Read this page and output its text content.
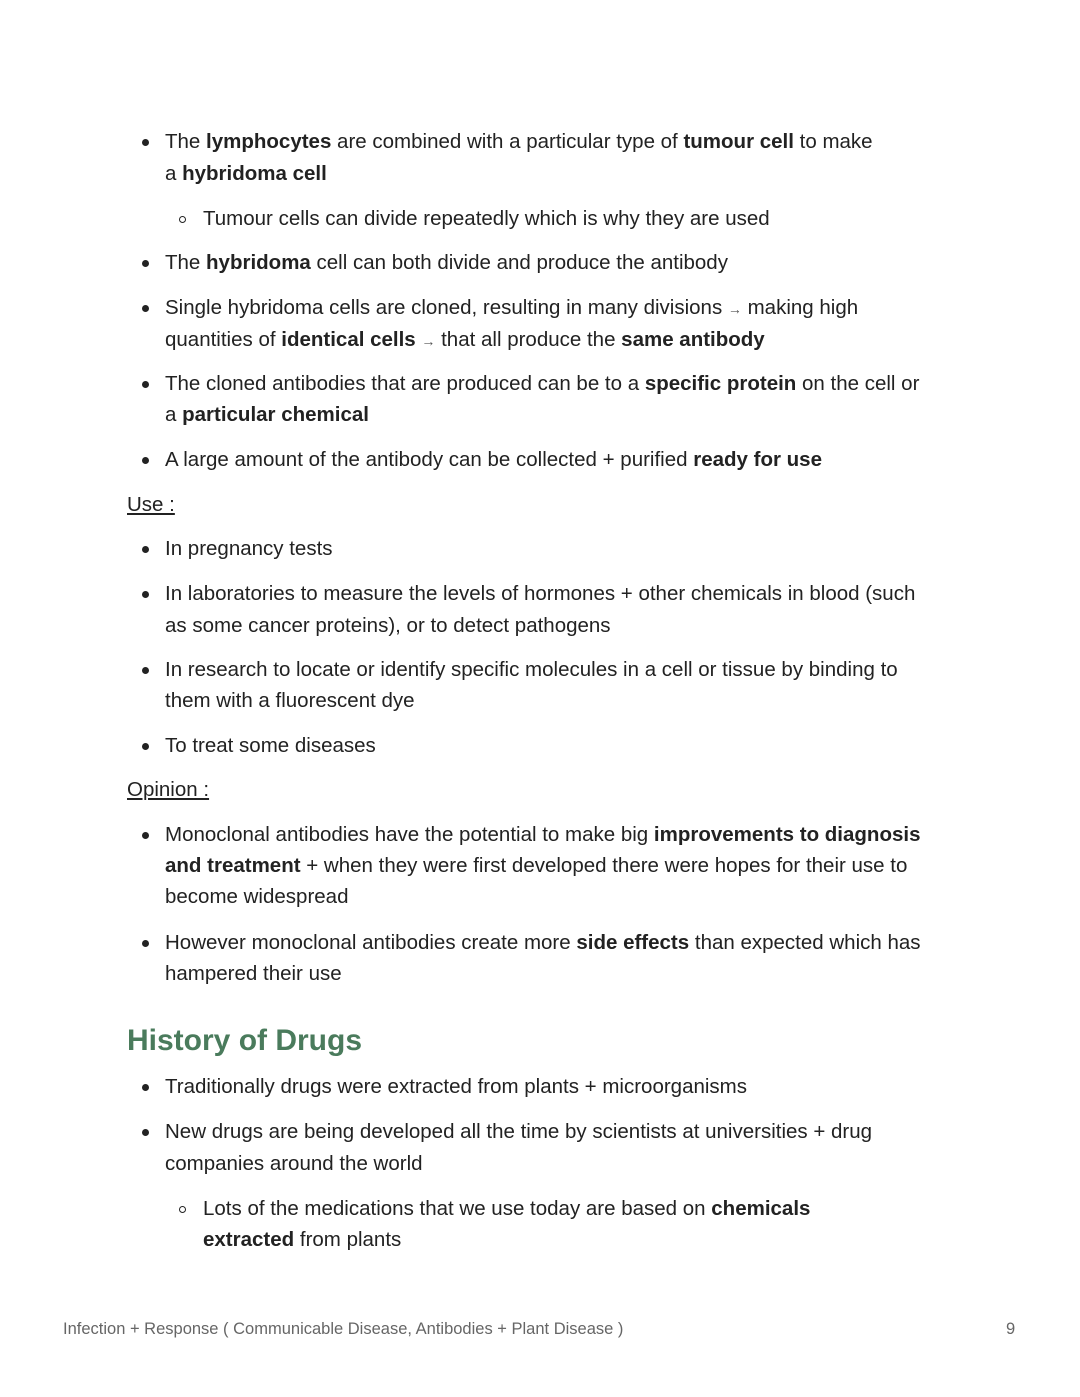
The lymphocytes are combined with a particular type of tumour cell to make
a hybridoma cell
Tumour cells can divide repeatedly which is why they are used
The hybridoma cell can both divide and produce the antibody
Single hybridoma cells are cloned, resulting in many divisions → making high
quantities of identical cells → that all produce the same antibody
The cloned antibodies that are produced can be to a specific protein on the cell or
a particular chemical
A large amount of the antibody can be collected + purified ready for use
Use :
In pregnancy tests
In laboratories to measure the levels of hormones + other chemicals in blood (such
as some cancer proteins), or to detect pathogens
In research to locate or identify specific molecules in a cell or tissue by binding to
them with a fluorescent dye
To treat some diseases
Opinion :
Monoclonal antibodies have the potential to make big improvements to diagnosis
and treatment + when they were first developed there were hopes for their use to
become widespread
However monoclonal antibodies create more side effects than expected which has
hampered their use
History of Drugs
Traditionally drugs were extracted from plants + microorganisms
New drugs are being developed all the time by scientists at universities + drug
companies around the world
Lots of the medications that we use today are based on chemicals
extracted from plants
Infection + Response ( Communicable Disease, Antibodies + Plant Disease )	9
